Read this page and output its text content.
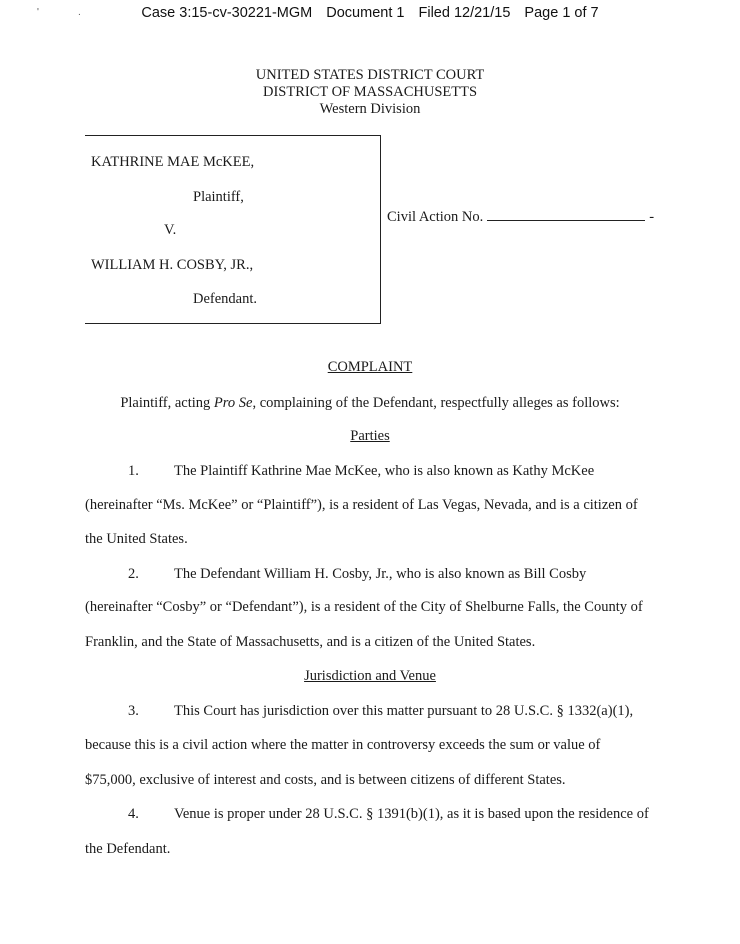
'	.	Case 3:15-cv-30221-MGM Document 1 Filed 12/21/15 Page 1 of 7
UNITED STATES DISTRICT COURT
DISTRICT OF MASSACHUSETTS
Western Division
KATHRINE MAE McKEE,
Plaintiff,
V.
WILLIAM H. COSBY, JR.,
Defendant.
Civil Action No.	-
COMPLAINT
Plaintiff, acting Pro Se, complaining of the Defendant, respectfully alleges as follows:
Parties
1. The Plaintiff Kathrine Mae McKee, who is also known as Kathy McKee
(hereinafter “Ms. McKee” or “Plaintiff”), is a resident of Las Vegas, Nevada, and is a citizen of
the United States.
2. The Defendant William H. Cosby, Jr., who is also known as Bill Cosby
(hereinafter “Cosby” or “Defendant”), is a resident of the City of Shelburne Falls, the County of
Franklin, and the State of Massachusetts, and is a citizen of the United States.
Jurisdiction and Venue
3. This Court has jurisdiction over this matter pursuant to 28 U.S.C. § 1332(a)(1),
because this is a civil action where the matter in controversy exceeds the sum or value of
$75,000, exclusive of interest and costs, and is between citizens of different States.
4. Venue is proper under 28 U.S.C. § 1391(b)(1), as it is based upon the residence of
the Defendant.
